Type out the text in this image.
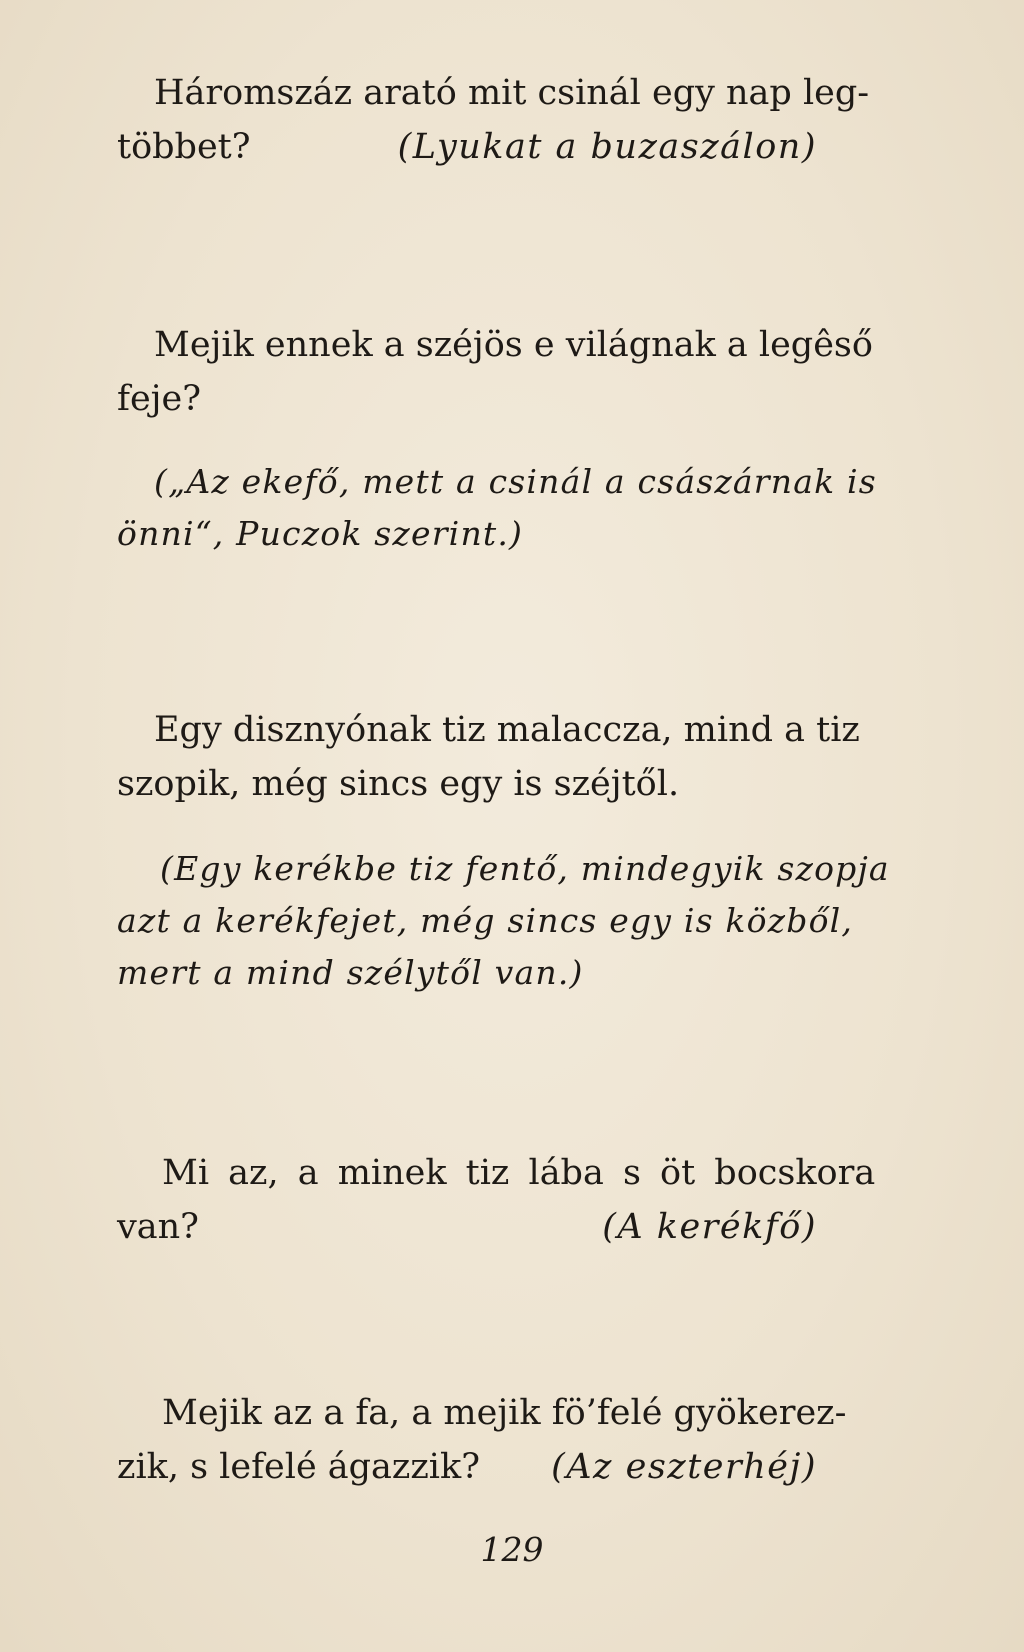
Háromszáz arató mit csinál egy nap leg-
többet?	(Lyukat a buzaszálon)
Mejik ennek a széjös e világnak a legêső
feje?
(„Az ekefő, mett a csinál a császárnak is
önni“, Puczok szerint.)
Egy disznyónak tiz malaccza, mind a tiz
szopik, még sincs egy is széjtől.
(Egy kerékbe tiz fentő, mindegyik szopja
azt a kerékfejet, még sincs egy is közből,
mert a mind szélytől van.)
Mi az, a minek tiz lába s öt bocskora
van?	(A kerékfő)
Mejik az a fa, a mejik fö’felé gyökerez-
zik, s lefelé ágazzik? (Az eszterhéj)
129
